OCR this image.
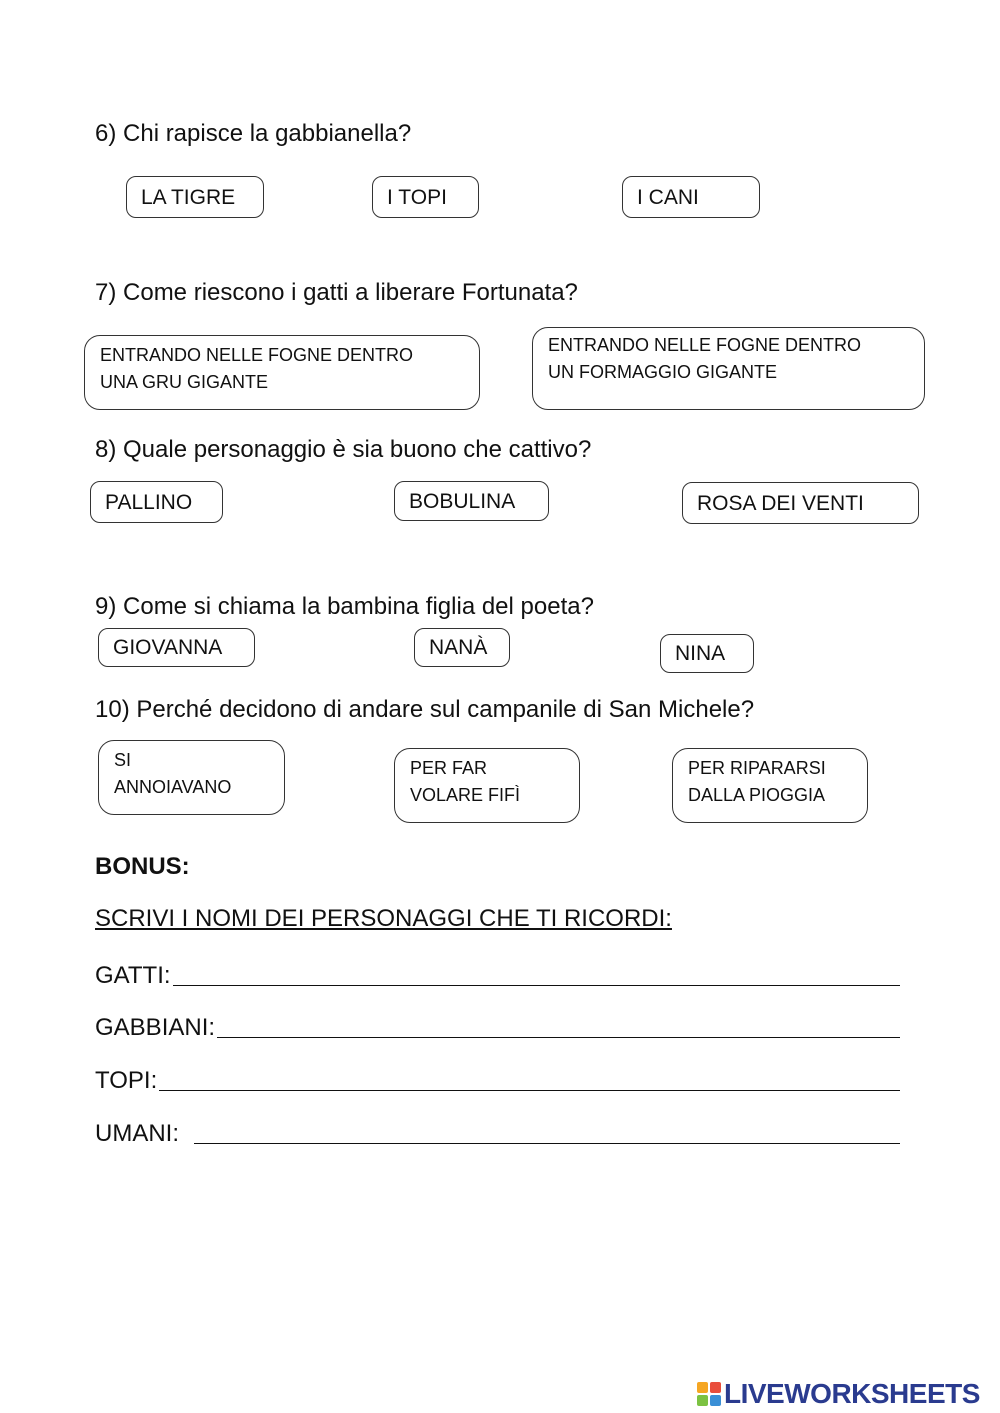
6) Chi rapisce la gabbianella?
LA TIGRE	I TOPI	I CANI
7) Come riescono i gatti a liberare Fortunata?
ENTRANDO NELLE FOGNE DENTRO
UNA GRU GIGANTE
ENTRANDO NELLE FOGNE DENTRO
UN FORMAGGIO GIGANTE
8) Quale personaggio è sia buono che cattivo?
PALLINO	BOBULINA	ROSA DEI VENTI
9) Come si chiama la bambina figlia del poeta?
GIOVANNA	NANÀ	NINA
10) Perché decidono di andare sul campanile di San Michele?
SI
ANNOIAVANO
PER FAR
VOLARE FIFÌ
PER RIPARARSI
DALLA PIOGGIA
BONUS:
SCRIVI I NOMI DEI PERSONAGGI CHE TI RICORDI:
GATTI:
GABBIANI:
TOPI:
UMANI:
LIVEWORKSHEETS
